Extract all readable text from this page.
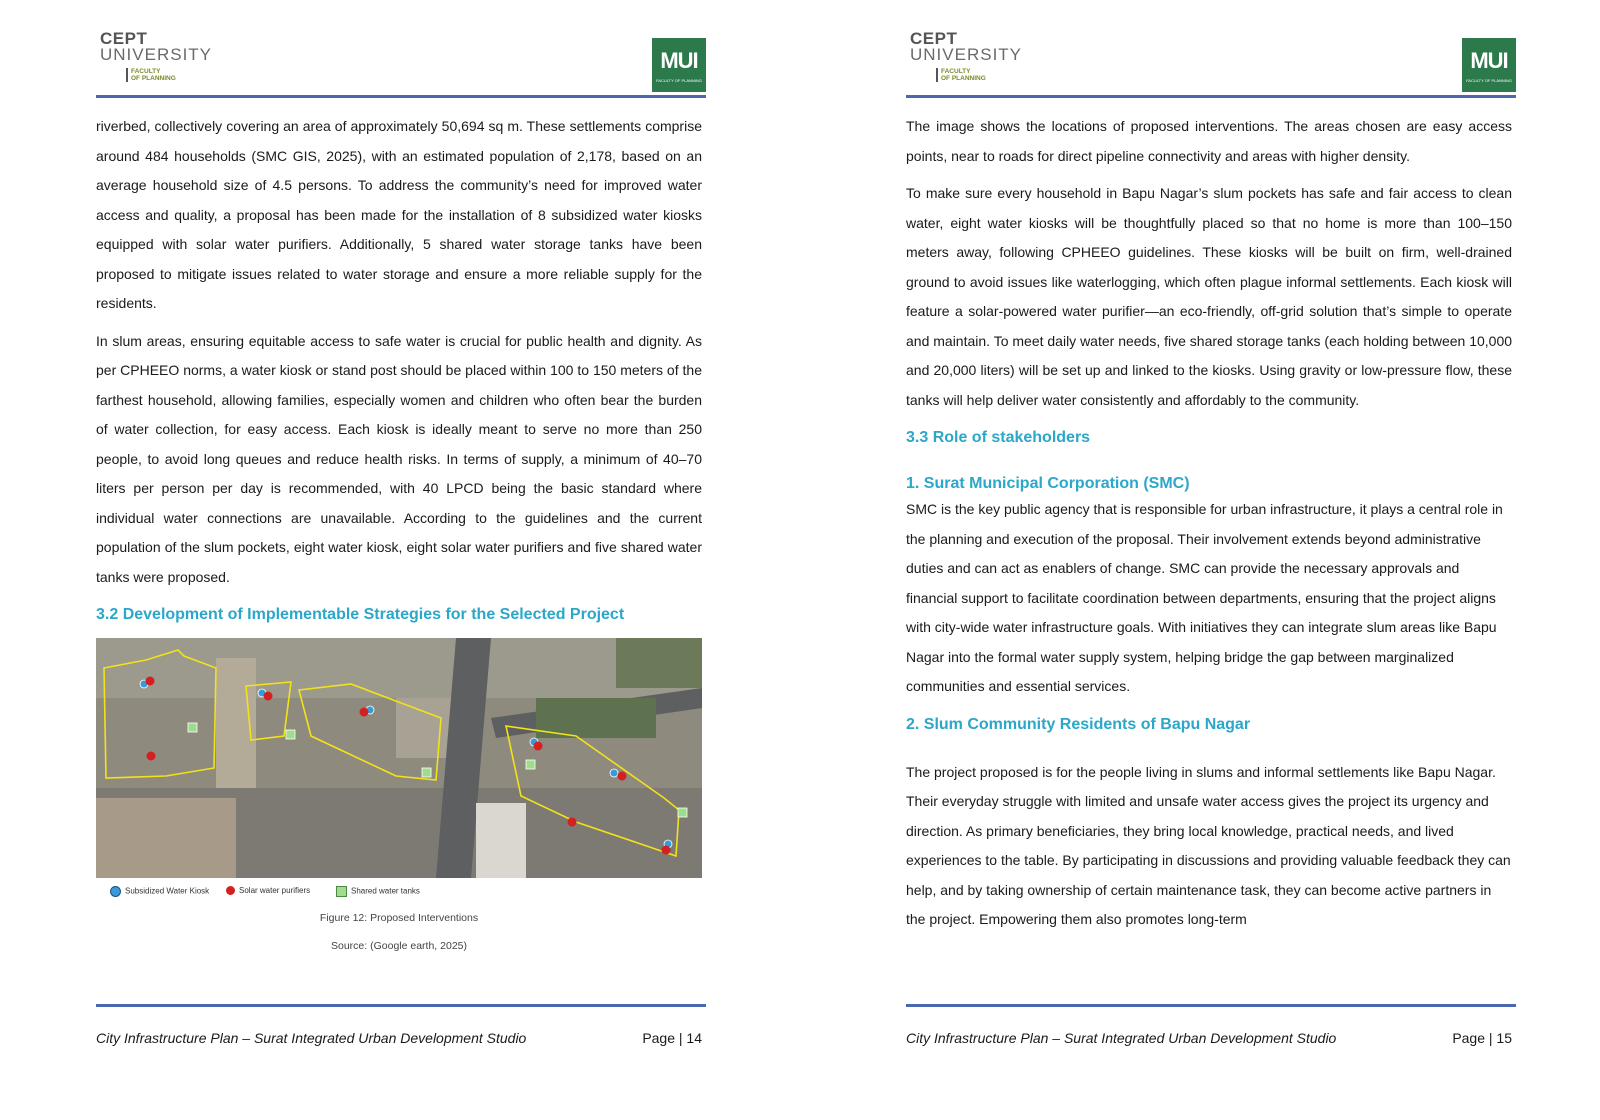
CEPT
UNIVERSITY
FACULTY
OF PLANNING
MUI
FACULTY OF PLANNING

riverbed, collectively covering an area of approximately 50,694 sq m. These settlements comprise around 484 households (SMC GIS, 2025), with an estimated population of 2,178, based on an average household size of 4.5 persons. To address the community’s need for improved water access and quality, a proposal has been made for the installation of 8 subsidized water kiosks equipped with solar water purifiers. Additionally, 5 shared water storage tanks have been proposed to mitigate issues related to water storage and ensure a more reliable supply for the residents.

In slum areas, ensuring equitable access to safe water is crucial for public health and dignity. As per CPHEEO norms, a water kiosk or stand post should be placed within 100 to 150 meters of the farthest household, allowing families, especially women and children who often bear the burden of water collection, for easy access. Each kiosk is ideally meant to serve no more than 250 people, to avoid long queues and reduce health risks. In terms of supply, a minimum of 40–70 liters per person per day is recommended, with 40 LPCD being the basic standard where individual water connections are unavailable. According to the guidelines and the current population of the slum pockets, eight water kiosk, eight solar water purifiers and five shared water tanks were proposed.

3.2 Development of Implementable Strategies for the Selected Project
Subsidized Water Kiosk	Solar water purifiers	Shared water tanks
Figure 12: Proposed Interventions
Source: (Google earth, 2025)
City Infrastructure Plan – Surat Integrated Urban Development Studio	Page | 14
CEPT
UNIVERSITY
FACULTY
OF PLANNING
MUI
FACULTY OF PLANNING

The image shows the locations of proposed interventions. The areas chosen are easy access points, near to roads for direct pipeline connectivity and areas with higher density.

To make sure every household in Bapu Nagar’s slum pockets has safe and fair access to clean water, eight water kiosks will be thoughtfully placed so that no home is more than 100–150 meters away, following CPHEEO guidelines. These kiosks will be built on firm, well-drained ground to avoid issues like waterlogging, which often plague informal settlements. Each kiosk will feature a solar-powered water purifier—an eco-friendly, off-grid solution that’s simple to operate and maintain. To meet daily water needs, five shared storage tanks (each holding between 10,000 and 20,000 liters) will be set up and linked to the kiosks. Using gravity or low-pressure flow, these tanks will help deliver water consistently and affordably to the community.

3.3 Role of stakeholders
1. Surat Municipal Corporation (SMC)

SMC is the key public agency that is responsible for urban infrastructure, it plays a central role in the planning and execution of the proposal. Their involvement extends beyond administrative duties and can act as enablers of change. SMC can provide the necessary approvals and financial support to facilitate coordination between departments, ensuring that the project aligns with city-wide water infrastructure goals. With initiatives they can integrate slum areas like Bapu Nagar into the formal water supply system, helping bridge the gap between marginalized communities and essential services.

2. Slum Community Residents of Bapu Nagar

The project proposed is for the people living in slums and informal settlements like Bapu Nagar. Their everyday struggle with limited and unsafe water access gives the project its urgency and direction. As primary beneficiaries, they bring local knowledge, practical needs, and lived experiences to the table. By participating in discussions and providing valuable feedback they can help, and by taking ownership of certain maintenance task, they can become active partners in the project. Empowering them also promotes long-term

City Infrastructure Plan – Surat Integrated Urban Development Studio	Page | 15
